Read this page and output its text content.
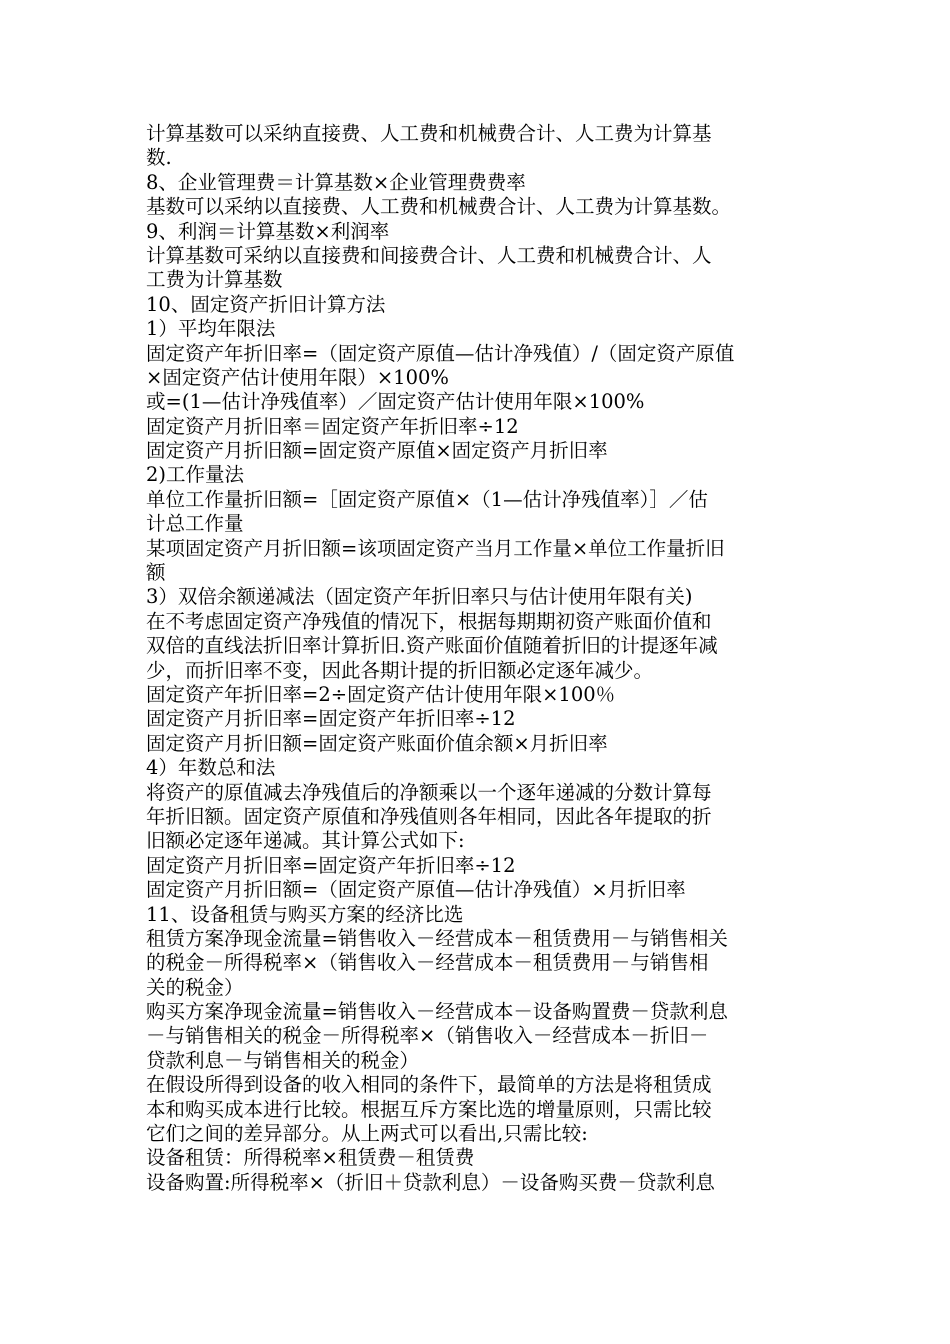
计算基数可以采纳直接费、人工费和机械费合计、人工费为计算基
数.
8、企业管理费＝计算基数×企业管理费费率
基数可以采纳以直接费、人工费和机械费合计、人工费为计算基数。
9、利润＝计算基数×利润率
计算基数可采纳以直接费和间接费合计、人工费和机械费合计、人
工费为计算基数
10、固定资产折旧计算方法
1）平均年限法
固定资产年折旧率=（固定资产原值—估计净残值）/（固定资产原值
×固定资产估计使用年限）×100%
或=(1—估计净残值率）／固定资产估计使用年限×100%
固定资产月折旧率＝固定资产年折旧率÷12
固定资产月折旧额=固定资产原值×固定资产月折旧率
2)工作量法
单位工作量折旧额=［固定资产原值×（1—估计净残值率）］／估
计总工作量
某项固定资产月折旧额=该项固定资产当月工作量×单位工作量折旧
额
3）双倍余额递减法（固定资产年折旧率只与估计使用年限有关)
在不考虑固定资产净残值的情况下，根据每期期初资产账面价值和
双倍的直线法折旧率计算折旧.资产账面价值随着折旧的计提逐年减
少，而折旧率不变，因此各期计提的折旧额必定逐年减少。
固定资产年折旧率=2÷固定资产估计使用年限×100％
固定资产月折旧率=固定资产年折旧率÷12
固定资产月折旧额=固定资产账面价值余额×月折旧率
4）年数总和法
将资产的原值减去净残值后的净额乘以一个逐年递减的分数计算每
年折旧额。固定资产原值和净残值则各年相同，因此各年提取的折
旧额必定逐年递减。其计算公式如下:
固定资产月折旧率=固定资产年折旧率÷12
固定资产月折旧额=（固定资产原值—估计净残值）×月折旧率
11、设备租赁与购买方案的经济比选
租赁方案净现金流量=销售收入－经营成本－租赁费用－与销售相关
的税金－所得税率×（销售收入－经营成本－租赁费用－与销售相
关的税金）
购买方案净现金流量=销售收入－经营成本－设备购置费－贷款利息
－与销售相关的税金－所得税率×（销售收入－经营成本－折旧－
贷款利息－与销售相关的税金）
在假设所得到设备的收入相同的条件下，最简单的方法是将租赁成
本和购买成本进行比较。根据互斥方案比选的增量原则，只需比较
它们之间的差异部分。从上两式可以看出,只需比较:
设备租赁：所得税率×租赁费－租赁费
设备购置:所得税率×（折旧＋贷款利息）－设备购买费－贷款利息
